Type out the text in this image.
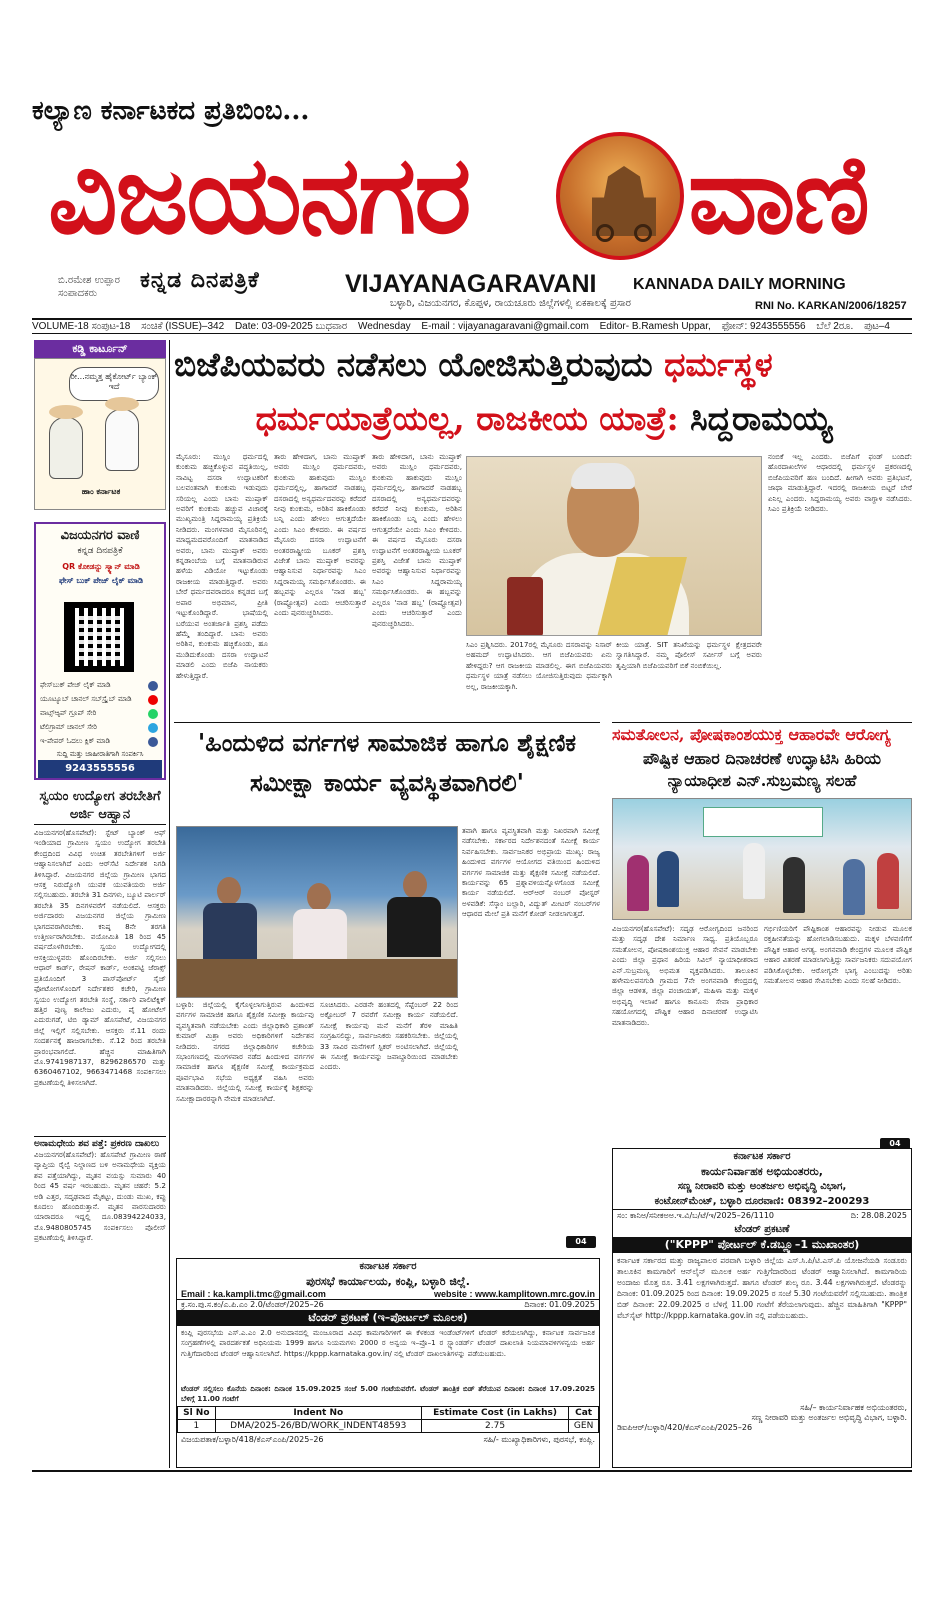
ಕಲ್ಯಾಣ ಕರ್ನಾಟಕದ ಪ್ರತಿಬಿಂಬ...
ವಿಜಯನಗರ ವಾಣಿ
ಬಿ.ರಮೇಶ ಉಪ್ಪಾರ
ಸಂಪಾದಕರು
ಕನ್ನಡ ದಿನಪತ್ರಿಕೆ	VIJAYANAGARAVANI KANNADA DAILY MORNING
ಬಳ್ಳಾರಿ, ವಿಜಯನಗರ, ಕೊಪ್ಪಳ, ರಾಯಚೂರು ಜಿಲ್ಲೆಗಳಲ್ಲಿ ಏಕಕಾಲಕ್ಕೆ ಪ್ರಸಾರ	RNI No. KARKAN/2006/18257
VOLUME-18 ಸಂಪುಟ-18 ಸಂಚಿಕೆ (ISSUE)–342 Date: 03-09-2025 ಬುಧವಾರ Wednesday E-mail : vijayanagaravani@gmail.com Editor- B.Ramesh Uppar, ಫೋನ್: 9243555556 ಬೆಲೆ 2ರೂ. ಪುಟ–4
ಕಡ್ಡಿ ಕಾರ್ಟೂನ್
ರೀ...ನಮ್ಮತ್ತ ಹೈಕೋರ್ಟ್ ಬ್ಯಾಂಕ್ ಇದೆ
ಹಾಂ ಕರ್ನಾಟಕ
ವಿಜಯನಗರ ವಾಣಿ
ಕನ್ನಡ ದಿನಪತ್ರಿಕೆ
QR ಕೋಡನ್ನು ಸ್ಕ್ಯಾನ್ ಮಾಡಿ
ಫೇಸ್ ಬುಕ್ ಪೇಜ್ ಲೈಕ್ ಮಾಡಿ
ಫೇಸ್‌ಬುಕ್ ಪೇಜ್ ಲೈಕ್ ಮಾಡಿ
ಯೂಟ್ಯೂಬ್ ಚಾನಲ್ ಸಬ್‌ಸ್ಕ್ರೈಬ್ ಮಾಡಿ
ವಾಟ್ಸ್‌ಆ್ಯಪ್ ಗ್ರೂಪ್ ಸೇರಿ
ಟೆಲಿಗ್ರಾಮ್ ಚಾನಲ್ ಸೇರಿ
ಇ-ಪೇಪರ್ ಓದಲು ಕ್ಲಿಕ್ ಮಾಡಿ
ಸುದ್ದಿ ಮತ್ತು ಜಾಹೀರಾತಿಗಾಗಿ ಸಂಪರ್ಕಿಸಿ
9243555556
ಸ್ವಯಂ ಉದ್ಯೋಗ ತರಬೇತಿಗೆ ಅರ್ಜಿ ಆಹ್ವಾನ
ವಿಜಯನಗರ(ಹೊಸಪೇಟೆ): ಸ್ಟೇಟ್ ಬ್ಯಾಂಕ್ ಆಫ್ ಇಂಡಿಯಾದ ಗ್ರಾಮೀಣ ಸ್ವಯಂ ಉದ್ಯೋಗ ತರಬೇತಿ ಕೇಂದ್ರದಿಂದ ವಿವಿಧ ಉಚಿತ ತರಬೇತಿಗಳಿಗೆ ಅರ್ಜಿ ಆಹ್ವಾನಿಸಲಾಗಿದೆ ಎಂದು ಆರ್‌ಸೆಟಿ ನಿರ್ದೇಶಕ ನಿಗಡಿ ತಿಳಿಸಿದ್ದಾರೆ. ವಿಜಯನಗರ ಜಿಲ್ಲೆಯ ಗ್ರಾಮೀಣ ಭಾಗದ ಆಸಕ್ತ ನಿರುದ್ಯೋಗಿ ಯುವಕ ಯುವತಿಯರು ಅರ್ಜಿ ಸಲ್ಲಿಸಬಹುದು. ತರಬೇತಿ 31 ದಿನಗಳು, ಬ್ಯೂಟಿ ಪಾರ್ಲರ್ ತರಬೇತಿ 35 ದಿನಗಳವರೆಗೆ ನಡೆಯಲಿದೆ. ಆಸಕ್ತರು ಅರ್ಜಿದಾರರು ವಿಜಯನಗರ ಜಿಲ್ಲೆಯ ಗ್ರಾಮೀಣ ಭಾಗದವರಾಗಿರಬೇಕು. ಕನಿಷ್ಠ 8ನೇ ತರಗತಿ ಉತ್ತೀರ್ಣರಾಗಿರಬೇಕು. ವಯೋಮಿತಿ 18 ರಿಂದ 45 ವರ್ಷದೊಳಗಿರಬೇಕು. ಸ್ವಯಂ ಉದ್ಯೋಗದಲ್ಲಿ ಆಸಕ್ತಿಯುಳ್ಳವರು ಹೊಂದಿರಬೇಕು. ಅರ್ಜಿ ಸಲ್ಲಿಸಲು ಆಧಾರ್ ಕಾರ್ಡ್, ರೇಷನ್ ಕಾರ್ಡ್, ಅಂಕಪಟ್ಟಿ ಜೆರಾಕ್ಸ್ ಪ್ರತಿಯೊಂದಿಗೆ 3 ಪಾಸ್‌ಪೋರ್ಟ್ ಸೈಜ್ ಫೋಟೋಗಳೊಂದಿಗೆ ನಿರ್ದೇಶಕರ ಕಚೇರಿ, ಗ್ರಾಮೀಣ ಸ್ವಯಂ ಉದ್ಯೋಗ ತರಬೇತಿ ಸಂಸ್ಥೆ, ಸರ್ಕಾರಿ ಪಾಲಿಟೆಕ್ನಿಕ್ ಹತ್ತಿರ ಪುಣ್ಯ ಕಾಲೇಜು ಎದುರು, ಪೈ ಹೋಟೆಲ್ ಎದುರುಗಡೆ, ಟಿಬಿ ಡ್ಯಾಮ್ ಹೊಸಪೇಟೆ, ವಿಜಯನಗರ ಜಿಲ್ಲೆ ಇಲ್ಲಿಗೆ ಸಲ್ಲಿಸಬೇಕು. ಆಸಕ್ತರು ಸೆ.11 ರಂದು ಸಂದರ್ಶನಕ್ಕೆ ಹಾಜರಾಗಬೇಕು. ಸೆ.12 ರಿಂದ ತರಬೇತಿ ಪ್ರಾರಂಭವಾಗಲಿದೆ. ಹೆಚ್ಚಿನ ಮಾಹಿತಿಗಾಗಿ ಮೊ.9741987137, 8296286570 ಮತ್ತು 6360467102, 9663471468 ಸಂಪರ್ಕಿಸಲು ಪ್ರಕಟಣೆಯಲ್ಲಿ ತಿಳಿಸಲಾಗಿದೆ.
ಅನಾಮಧೇಯ ಶವ ಪತ್ತೆ: ಪ್ರಕರಣ ದಾಖಲು
ವಿಜಯನಗರ(ಹೊಸಪೇಟೆ): ಹೊಸಪೇಟೆ ಗ್ರಾಮೀಣ ಠಾಣೆ ವ್ಯಾಪ್ತಿಯ ರೈಲ್ವೆ ನಿಲ್ದಾಣದ ಬಳಿ ಅನಾಮಧೇಯ ವ್ಯಕ್ತಿಯ ಶವ ಪತ್ತೆಯಾಗಿದ್ದು, ಮೃತನ ವಯಸ್ಸು ಸುಮಾರು 40 ರಿಂದ 45 ವರ್ಷ ಇರಬಹುದು. ಮೃತನ ಚಹರೆ: 5.2 ಅಡಿ ಎತ್ತರ, ಸದೃಢವಾದ ಮೈಕಟ್ಟು, ದುಂಡು ಮುಖ, ಕಪ್ಪು ಕೂದಲು ಹೊಂದಿರುತ್ತಾನೆ. ಮೃತನ ವಾರಸುದಾರರು ಯಾರಾದರೂ ಇದ್ದಲ್ಲಿ ದೂ.08394224033, ಮೊ.9480805745 ಸಂಪರ್ಕಿಸಲು ಪೊಲೀಸ್ ಪ್ರಕಟಣೆಯಲ್ಲಿ ತಿಳಿಸಿದ್ದಾರೆ.
ಬಿಜೆಪಿಯವರು ನಡೆಸಲು ಯೋಜಿಸುತ್ತಿರುವುದು ಧರ್ಮಸ್ಥಳ
ಧರ್ಮಯಾತ್ರೆಯಲ್ಲ, ರಾಜಕೀಯ ಯಾತ್ರೆ: ಸಿದ್ದರಾಮಯ್ಯ
ಮೈಸೂರು: ಮುಸ್ಲಿಂ ಧರ್ಮದಲ್ಲಿ ಕುಂಕುಮ ಹಚ್ಚಿಕೊಳ್ಳುವ ಪದ್ಧತಿಯಿಲ್ಲ, ನಾವಿಟ್ಟ ದಸರಾ ಉದ್ಘಾಟಕರಿಗೆ ಬಲವಂತವಾಗಿ ಕುಂಕುಮ ಇಡುವುದು ಸರಿಯಲ್ಲ ಎಂದು ಬಾನು ಮುಷ್ತಾಕ್ ಅವರಿಗೆ ಕುಂಕುಮ ಹಚ್ಚುವ ವಿಚಾರಕ್ಕೆ ಮುಖ್ಯಮಂತ್ರಿ ಸಿದ್ದರಾಮಯ್ಯ ಪ್ರತಿಕ್ರಿಯೆ ನೀಡಿದರು. ಮಂಗಳವಾರ ಮೈಸೂರಿನಲ್ಲಿ ಮಾಧ್ಯಮದವರೊಂದಿಗೆ ಮಾತನಾಡಿದ ಅವರು, ಬಾನು ಮುಷ್ತಾಕ್ ಅವರು ಕನ್ನಡಾಂಬೆಯ ಬಗ್ಗೆ ಮಾತನಾಡಿರುವ ಹಳೆಯ ವಿಡಿಯೋ ಇಟ್ಟುಕೊಂಡು ರಾಜಕೀಯ ಮಾಡುತ್ತಿದ್ದಾರೆ. ಅವರು ಬೇರೆ ಧರ್ಮದವರಾದರೂ ಕನ್ನಡದ ಬಗ್ಗೆ ಅಪಾರ ಅಭಿಮಾನ, ಪ್ರೀತಿ ಇಟ್ಟುಕೊಂಡಿದ್ದಾರೆ. ಭಾಷೆಯಲ್ಲಿ ಬರೆಯುವ ಅಂತರ್ಜಾತಿ ಪ್ರಶಸ್ತಿ ಪಡೆದು ಹೆಮ್ಮೆ ತಂದಿದ್ದಾರೆ. ಬಾನು ಅವರು ಅರಿಶಿನ, ಕುಂಕುಮ ಹಚ್ಚಿಕೊಂಡು, ಹೂ ಮುಡಿದುಕೊಂಡು ದಸರಾ ಉದ್ಘಾಟನೆ ಮಾಡಲಿ ಎಂದು ಬಿಜೆಪಿ ನಾಯಕರು ಹೇಳುತ್ತಿದ್ದಾರೆ.
ತಾರು ಹೇಳಿದಾಗ, ಬಾನು ಮುಷ್ತಾಕ್ ಅವರು ಮುಸ್ಲಿಂ ಧರ್ಮದವರು, ಕುಂಕುಮ ಹಾಕುವುದು ಮುಸ್ಲಿಂ ಧರ್ಮದಲ್ಲಿಲ್ಲ, ಹಾಗಾದರೆ ನಾಡಹಬ್ಬ ದಸರಾದಲ್ಲಿ ಅನ್ಯಧರ್ಮದವರನ್ನು ಕರೆದರೆ ನೀವು ಕುಂಕುಮ, ಅರಿಶಿನ ಹಾಕಿಕೊಂಡು ಬನ್ನಿ ಎಂದು ಹೇಳಲು ಆಗುತ್ತದೆಯೇ ಎಂದು ಸಿಎಂ ಕೇಳಿದರು. ಈ ವರ್ಷದ ಮೈಸೂರು ದಸರಾ ಉದ್ಘಾಟನೆಗೆ ಅಂತರರಾಷ್ಟ್ರೀಯ ಬೂಕರ್ ಪ್ರಶಸ್ತಿ ವಿಜೇತೆ ಬಾನು ಮುಷ್ತಾಕ್ ಅವರನ್ನು ಆಹ್ವಾನಿಸುವ ನಿರ್ಧಾರವನ್ನು ಸಿಎಂ ಸಿದ್ದರಾಮಯ್ಯ ಸಮರ್ಥಿಸಿಕೊಂಡರು. ಈ ಹಬ್ಬವನ್ನು ಎಲ್ಲರೂ 'ನಾಡ ಹಬ್ಬ' (ರಾಷ್ಟ್ರೋತ್ಸವ) ಎಂದು ಆಚರಿಸುತ್ತಾರೆ ಎಂದು ಪುನರುಚ್ಚರಿಸಿದರು.
ತಾರು ಹೇಳಿದಾಗ, ಬಾನು ಮುಷ್ತಾಕ್ ಅವರು ಮುಸ್ಲಿಂ ಧರ್ಮದವರು, ಕುಂಕುಮ ಹಾಕುವುದು ಮುಸ್ಲಿಂ ಧರ್ಮದಲ್ಲಿಲ್ಲ, ಹಾಗಾದರೆ ನಾಡಹಬ್ಬ ದಸರಾದಲ್ಲಿ ಅನ್ಯಧರ್ಮದವರನ್ನು ಕರೆದರೆ ನೀವು ಕುಂಕುಮ, ಅರಿಶಿನ ಹಾಕಿಕೊಂಡು ಬನ್ನಿ ಎಂದು ಹೇಳಲು ಆಗುತ್ತದೆಯೇ ಎಂದು ಸಿಎಂ ಕೇಳಿದರು. ಈ ವರ್ಷದ ಮೈಸೂರು ದಸರಾ ಉದ್ಘಾಟನೆಗೆ ಅಂತರರಾಷ್ಟ್ರೀಯ ಬೂಕರ್ ಪ್ರಶಸ್ತಿ ವಿಜೇತೆ ಬಾನು ಮುಷ್ತಾಕ್ ಅವರನ್ನು ಆಹ್ವಾನಿಸುವ ನಿರ್ಧಾರವನ್ನು ಸಿಎಂ ಸಿದ್ದರಾಮಯ್ಯ ಸಮರ್ಥಿಸಿಕೊಂಡರು. ಈ ಹಬ್ಬವನ್ನು ಎಲ್ಲರೂ 'ನಾಡ ಹಬ್ಬ' (ರಾಷ್ಟ್ರೋತ್ಸವ) ಎಂದು ಆಚರಿಸುತ್ತಾರೆ ಎಂದು ಪುನರುಚ್ಚರಿಸಿದರು.
ಸಿಎಂ ಪ್ರಶ್ನಿಸಿದರು. 2017ರಲ್ಲಿ ಮೈಸೂರು ದಸರಾವನ್ನು ನಿಸಾರ್ ಅಹಮದ್ ಉದ್ಘಾಟಿಸಿದರು. ಆಗ ಬಿಜೆಪಿಯವರು ಏನು ಹೇಳಿದ್ದರು? ಆಗ ರಾಜಕೀಯ ಮಾಡಲಿಲ್ಲ. ಈಗ ಬಿಜೆಪಿಯವರು ಧರ್ಮಸ್ಥಳ ಯಾತ್ರೆ ನಡೆಸಲು ಯೋಜಿಸುತ್ತಿರುವುದು ಧರ್ಮಕ್ಕಾಗಿ ಅಲ್ಲ, ರಾಜಕೀಯಕ್ಕಾಗಿ.
ಕೀಯ ಯಾತ್ರೆ. SIT ತನಿಖೆಯನ್ನು ಧರ್ಮಸ್ಥಳ ಕ್ಷೇತ್ರದವರೇ ಸ್ವಾಗತಿಸಿದ್ದಾರೆ. ನಮ್ಮ ಪೊಲೀಸ್ ಸರ್ವೀಸ್ ಬಗ್ಗೆ ಅವರು ತೃಪ್ತಿಯಾಗಿ ಬಿಜೆಪಿಯವರಿಗೆ ಬಿಕೆ ನಂಬಿಕೆಯಿಲ್ಲ.
ನಂಬಿಕೆ ಇಲ್ಲ ಎಂದರು. ಬಿಜೆಪಿಗೆ ಫಂಡ್ ಬಂದಿದೆ: ಹೊರದಾಖಲೆಗಳ ಆಧಾರದಲ್ಲಿ ಧರ್ಮಸ್ಥಳ ಪ್ರಕರಣದಲ್ಲಿ ಬಿಜೆಪಿಯವರಿಗೆ ಹಣ ಬಂದಿದೆ. ಹೀಗಾಗಿ ಅವರು ಪ್ರತಿಭಟನೆ, ಜಾಥಾ ಮಾಡುತ್ತಿದ್ದಾರೆ. ಇದರಲ್ಲಿ ರಾಜಕೀಯ ಬಿಟ್ಟರೆ ಬೇರೆ ಏನಿಲ್ಲ ಎಂದರು. ಸಿದ್ದರಾಮಯ್ಯ ಅವರು ವಾಗ್ದಾಳಿ ನಡೆಸಿದರು. ಸಿಎಂ ಪ್ರತಿಕ್ರಿಯೆ ನೀಡಿದರು.
'ಹಿಂದುಳಿದ ವರ್ಗಗಳ ಸಾಮಾಜಿಕ ಹಾಗೂ ಶೈಕ್ಷಣಿಕ ಸಮೀಕ್ಷಾ ಕಾರ್ಯ ವ್ಯವಸ್ಥಿತವಾಗಿರಲಿ'
ಬಳ್ಳಾರಿ: ಜಿಲ್ಲೆಯಲ್ಲಿ ಕೈಗೊಳ್ಳಲಾಗುತ್ತಿರುವ ಹಿಂದುಳಿದ ವರ್ಗಗಳ ಸಾಮಾಜಿಕ ಹಾಗೂ ಶೈಕ್ಷಣಿಕ ಸಮೀಕ್ಷಾ ಕಾರ್ಯವು ವ್ಯವಸ್ಥಿತವಾಗಿ ನಡೆಯಬೇಕು ಎಂದು ಜಿಲ್ಲಾಧಿಕಾರಿ ಪ್ರಶಾಂತ್ ಕುಮಾರ್ ಮಿಶ್ರಾ ಅವರು ಅಧಿಕಾರಿಗಳಿಗೆ ನಿರ್ದೇಶನ ನೀಡಿದರು. ನಗರದ ಜಿಲ್ಲಾಧಿಕಾರಿಗಳ ಕಚೇರಿಯ ಸಭಾಂಗಣದಲ್ಲಿ ಮಂಗಳವಾರ ನಡೆದ ಹಿಂದುಳಿದ ವರ್ಗಗಳ ಸಾಮಾಜಿಕ ಹಾಗೂ ಶೈಕ್ಷಣಿಕ ಸಮೀಕ್ಷೆ ಕಾರ್ಯಕ್ರಮದ ಪೂರ್ವಭಾವಿ ಸಭೆಯ ಅಧ್ಯಕ್ಷತೆ ವಹಿಸಿ ಅವರು ಮಾತನಾಡಿದರು. ಜಿಲ್ಲೆಯಲ್ಲಿ ಸಮೀಕ್ಷೆ ಕಾರ್ಯಕ್ಕೆ ಶಿಕ್ಷಕರನ್ನು ಸಮೀಕ್ಷಾದಾರರನ್ನಾಗಿ ನೇಮಕ ಮಾಡಲಾಗಿದೆ.
ಸೂಚಿಸಿದರು. ಎರಡನೇ ಹಂತದಲ್ಲಿ ಸೆಪ್ಟೆಂಬರ್ 22 ರಿಂದ ಅಕ್ಟೋಬರ್ 7 ರವರೆಗೆ ಸಮೀಕ್ಷಾ ಕಾರ್ಯ ನಡೆಯಲಿದೆ. ಸಮೀಕ್ಷೆ ಕಾರ್ಯವು ಮನೆ ಮನೆಗೆ ತೆರಳಿ ಮಾಹಿತಿ ಸಂಗ್ರಹಿಸಲಿದ್ದು, ಸಾರ್ವಜನಿಕರು ಸಹಕರಿಸಬೇಕು. ಜಿಲ್ಲೆಯಲ್ಲಿ 33 ಸಾವಿರ ಮನೆಗಳಿಗೆ ಸ್ಟಿಕರ್ ಅಂಟಿಸಲಾಗಿದೆ. ಜಿಲ್ಲೆಯಲ್ಲಿ ಈ ಸಮೀಕ್ಷೆ ಕಾರ್ಯವನ್ನು ಜವಾಬ್ದಾರಿಯಿಂದ ಮಾಡಬೇಕು ಎಂದರು.
ತವಾಗಿ ಹಾಗೂ ವ್ಯವಸ್ಥಿತವಾಗಿ ಮತ್ತು ನಿಖರವಾಗಿ ಸಮೀಕ್ಷೆ ನಡೆಸಬೇಕು. ಸರ್ಕಾರದ ನಿರ್ದೇಶನದಂತೆ ಸಮೀಕ್ಷೆ ಕಾರ್ಯ ನಿರ್ವಹಿಸಬೇಕು. ಸಾರ್ವಜನಿಕರ ಅಭಿಪ್ರಾಯ ಮುಖ್ಯ: ರಾಜ್ಯ ಹಿಂದುಳಿದ ವರ್ಗಗಳ ಆಯೋಗದ ವತಿಯಿಂದ ಹಿಂದುಳಿದ ವರ್ಗಗಳ ಸಾಮಾಜಿಕ ಮತ್ತು ಶೈಕ್ಷಣಿಕ ಸಮೀಕ್ಷೆ ನಡೆಯಲಿದೆ. ಕಾರ್ಯವನ್ನು 65 ಪ್ರಶ್ನಾವಳಿಯನ್ನೊಳಗೊಂಡ ಸಮೀಕ್ಷೆ ಕಾರ್ಯ ನಡೆಯಲಿದೆ. ಆರ್‌ಆರ್ ನಂಬರ್ ಪೋಸ್ಟರ್ ಅಳವಡಿಕೆ: ಸೆಸ್ಕಾಂ ಬಲ್ಲಾರಿ, ವಿದ್ಯುತ್ ಮೀಟರ್ ನಂಬರ್‌ಗಳ ಆಧಾರದ ಮೇಲೆ ಪ್ರತಿ ಮನೆಗೆ ಕೋಡ್ ನೀಡಲಾಗುತ್ತದೆ.
04
ಸಮತೋಲನ, ಪೋಷಕಾಂಶಯುಕ್ತ ಆಹಾರವೇ ಆರೋಗ್ಯ
ಪೌಷ್ಟಿಕ ಆಹಾರ ದಿನಾಚರಣೆ ಉದ್ಘಾಟಿಸಿ ಹಿರಿಯ ನ್ಯಾಯಾಧೀಶ ಎನ್.ಸುಬ್ರಮಣ್ಯ ಸಲಹೆ
ವಿಜಯನಗರ(ಹೊಸಪೇಟೆ): ಸದೃಢ ಆರೋಗ್ಯದಿಂದ ಜನರಿಂದ ಮತ್ತು ಸದೃಢ ದೇಶ ನಿರ್ಮಾಣ ಸಾಧ್ಯ. ಪ್ರತಿಯೊಬ್ಬರೂ ಸಮತೋಲನ, ಪೋಷಕಾಂಶಯುಕ್ತ ಆಹಾರ ಸೇವನೆ ಮಾಡಬೇಕು ಎಂದು ಜಿಲ್ಲಾ ಪ್ರಧಾನ ಹಿರಿಯ ಸಿವಿಲ್ ನ್ಯಾಯಾಧೀಶರಾದ ಎನ್.ಸುಬ್ರಮಣ್ಯ ಅಭಿಮತ ವ್ಯಕ್ತಪಡಿಸಿದರು. ತಾಲೂಕಿನ ಹಳೇಮಲಪನಗುಡಿ ಗ್ರಾಮದ 7ನೇ ಅಂಗನವಾಡಿ ಕೇಂದ್ರದಲ್ಲಿ ಜಿಲ್ಲಾ ಆಡಳಿತ, ಜಿಲ್ಲಾ ಪಂಚಾಯತ್, ಮಹಿಳಾ ಮತ್ತು ಮಕ್ಕಳ ಅಭಿವೃದ್ಧಿ ಇಲಾಖೆ ಹಾಗೂ ಕಾನೂನು ಸೇವಾ ಪ್ರಾಧಿಕಾರ ಸಹಯೋಗದಲ್ಲಿ ಪೌಷ್ಟಿಕ ಆಹಾರ ದಿನಾಚರಣೆ ಉದ್ಘಾಟಿಸಿ ಮಾತನಾಡಿದರು.
ಗರ್ಭಿಣಿಯರಿಗೆ ಪೌಷ್ಟಿಕಾಂಶ ಆಹಾರವನ್ನು ನೀಡುವ ಮೂಲಕ ರಕ್ತಹೀನತೆಯನ್ನು ಹೋಗಲಾಡಿಸಬಹುದು. ಮಕ್ಕಳ ಬೆಳವಣಿಗೆಗೆ ಪೌಷ್ಟಿಕ ಆಹಾರ ಅಗತ್ಯ. ಅಂಗನವಾಡಿ ಕೇಂದ್ರಗಳ ಮೂಲಕ ಪೌಷ್ಟಿಕ ಆಹಾರ ವಿತರಣೆ ಮಾಡಲಾಗುತ್ತಿದ್ದು ಸಾರ್ವಜನಿಕರು ಸದುಪಯೋಗ ಪಡಿಸಿಕೊಳ್ಳಬೇಕು. ಆರೋಗ್ಯವೇ ಭಾಗ್ಯ ಎಂಬುದನ್ನು ಅರಿತು ಸಮತೋಲನ ಆಹಾರ ಸೇವಿಸಬೇಕು ಎಂದು ಸಲಹೆ ನೀಡಿದರು.
04
ಕರ್ನಾಟಕ ಸರ್ಕಾರ
ಪುರಸಭೆ ಕಾರ್ಯಾಲಯ, ಕಂಪ್ಲಿ, ಬಳ್ಳಾರಿ ಜಿಲ್ಲೆ.
Email : ka.kampli.tmc@gmail.com	website : www.kamplitown.mrc.gov.in
ಕ್ರ.ಸಂ.ಪು.ಸ.ಕಂ/ಎ.ಪಿ.ಎಂ 2.0/ಟೆಂಡರ್/2025–26	ದಿನಾಂಕ: 01.09.2025
ಟೆಂಡರ್ ಪ್ರಕಟಣೆ (ಇ–ಪೋರ್ಟಲ್ ಮೂಲಕ)
ಕಂಪ್ಲಿ ಪುರಸಭೆಯ ಎಸ್.ಎ.ಎಂ 2.0 ಅನುದಾನದಲ್ಲಿ ಮಂಜೂರಾದ ವಿವಿಧ ಕಾಮಗಾರಿಗಳಿಗೆ ಈ ಕೆಳಕಂಡ ಇಂಡೆಂಟ್‌ಗಳಿಗೆ ಟೆಂಡರ್ ಕರೆಯಲಾಗಿದ್ದು, ಕರ್ನಾಟಕ ಸಾರ್ವಜನಿಕ ಸಂಗ್ರಹಣೆಗಳಲ್ಲಿ ಪಾರದರ್ಶಕತೆ ಅಧಿನಿಯಮ 1999 ಹಾಗೂ ನಿಯಮಗಳು 2000 ರ ಅನ್ವಯ ಇ–ಪ್ರೊ–1 ರ ಸ್ಟ್ಯಾಂಡರ್ಡ್ ಟೆಂಡರ್ ದಾಖಲಾತಿ ನಿಯಮಾವಳಿಗಳನ್ವಯ ಅರ್ಹ ಗುತ್ತಿಗೆದಾರರಿಂದ ಟೆಂಡರ್ ಆಹ್ವಾನಿಸಲಾಗಿದೆ. https://kppp.karnataka.gov.in/ ನಲ್ಲಿ ಟೆಂಡರ್ ದಾಖಲಾತಿಗಳನ್ನು ಪಡೆಯಬಹುದು.
ಟೆಂಡರ್ ಸಲ್ಲಿಸಲು ಕೊನೆಯ ದಿನಾಂಕ: ದಿನಾಂಕ 15.09.2025 ಸಂಜೆ 5.00 ಗಂಟೆಯವರೆಗೆ. ಟೆಂಡರ್ ತಾಂತ್ರಿಕ ಬಿಡ್ ತೆರೆಯುವ ದಿನಾಂಕ: ದಿನಾಂಕ 17.09.2025 ಬೆಳಿಗ್ಗೆ 11.00 ಗಂಟೆಗೆ
Sl No	Indent No	Estimate Cost (in Lakhs)	Cat
1	DMA/2025-26/BD/WORK_INDENT48593	2.75	GEN
ವಿಜಯಪತಾಕ/ಬಳ್ಳಾರಿ/418/ಕೆಎಸ್‌ಎಂಪಿ/2025–26	ಸಹಿ/- ಮುಖ್ಯಾಧಿಕಾರಿಗಳು, ಪುರಸಭೆ, ಕಂಪ್ಲಿ.
ಕರ್ನಾಟಕ ಸರ್ಕಾರ
ಕಾರ್ಯನಿರ್ವಾಹಕ ಅಭಿಯಂತರರು,
ಸಣ್ಣ ನೀರಾವರಿ ಮತ್ತು ಅಂತರ್ಜಲ ಅಭಿವೃದ್ಧಿ ವಿಭಾಗ,
ಕಂಟೋನ್‌ಮೆಂಟ್, ಬಳ್ಳಾರಿ ದೂರವಾಣಿ: 08392–200293
ಸಂ: ಕಾನಿಅ/ಸನೀಕಅಅ.ಇ.ವಿ/ಬ/ಟೆ/ಇ/2025–26/1110	ದಿ: 28.08.2025
ಟೆಂಡರ್ ಪ್ರಕಟಣೆ
("KPPP" ಪೋರ್ಟಲ್ ಕೆ.ಡಬ್ಲ್ಯೂ–1 ಮುಖಾಂತರ)
ಕರ್ನಾಟಕ ಸರ್ಕಾರದ ಮತ್ತು ರಾಜ್ಯಪಾಲರ ಪರವಾಗಿ ಬಳ್ಳಾರಿ ಜಿಲ್ಲೆಯ ಎಸ್.ಸಿ.ಪಿ/ಟಿ.ಎಸ್.ಪಿ ಯೋಜನೆಯಡಿ ಸಂಡೂರು ತಾಲೂಕಿನ ಕಾಮಗಾರಿಗೆ ಆನ್‌ಲೈನ್ ಮೂಲಕ ಅರ್ಹ ಗುತ್ತಿಗೆದಾರರಿಂದ ಟೆಂಡರ್ ಆಹ್ವಾನಿಸಲಾಗಿದೆ. ಕಾಮಗಾರಿಯ ಅಂದಾಜು ಮೊತ್ತ ರೂ. 3.41 ಲಕ್ಷಗಳಾಗಿರುತ್ತದೆ. ಹಾಗೂ ಟೆಂಡರ್ ಶುಲ್ಕ ರೂ. 3.44 ಲಕ್ಷಗಳಾಗಿರುತ್ತದೆ. ಟೆಂಡರನ್ನು ದಿನಾಂಕ: 01.09.2025 ರಿಂದ ದಿನಾಂಕ: 19.09.2025 ರ ಸಂಜೆ 5.30 ಗಂಟೆಯವರೆಗೆ ಸಲ್ಲಿಸಬಹುದು. ತಾಂತ್ರಿಕ ಬಿಡ್ ದಿನಾಂಕ: 22.09.2025 ರ ಬೆಳಿಗ್ಗೆ 11.00 ಗಂಟೆಗೆ ತೆರೆಯಲಾಗುವುದು. ಹೆಚ್ಚಿನ ಮಾಹಿತಿಗಾಗಿ "KPPP" ವೆಬ್‌ಸೈಟ್ http://kppp.karnataka.gov.in ನಲ್ಲಿ ಪಡೆಯಬಹುದು.
ಸಹಿ/– ಕಾರ್ಯನಿರ್ವಾಹಕ ಅಭಿಯಂತರರು,
ಸಣ್ಣ ನೀರಾವರಿ ಮತ್ತು ಅಂತರ್ಜಲ ಅಭಿವೃದ್ಧಿ ವಿಭಾಗ, ಬಳ್ಳಾರಿ.
ಡಿಐಪಿಆರ್/ಬಳ್ಳಾರಿ/420/ಕೆಎಸ್‌ಎಂಪಿ/2025–26
